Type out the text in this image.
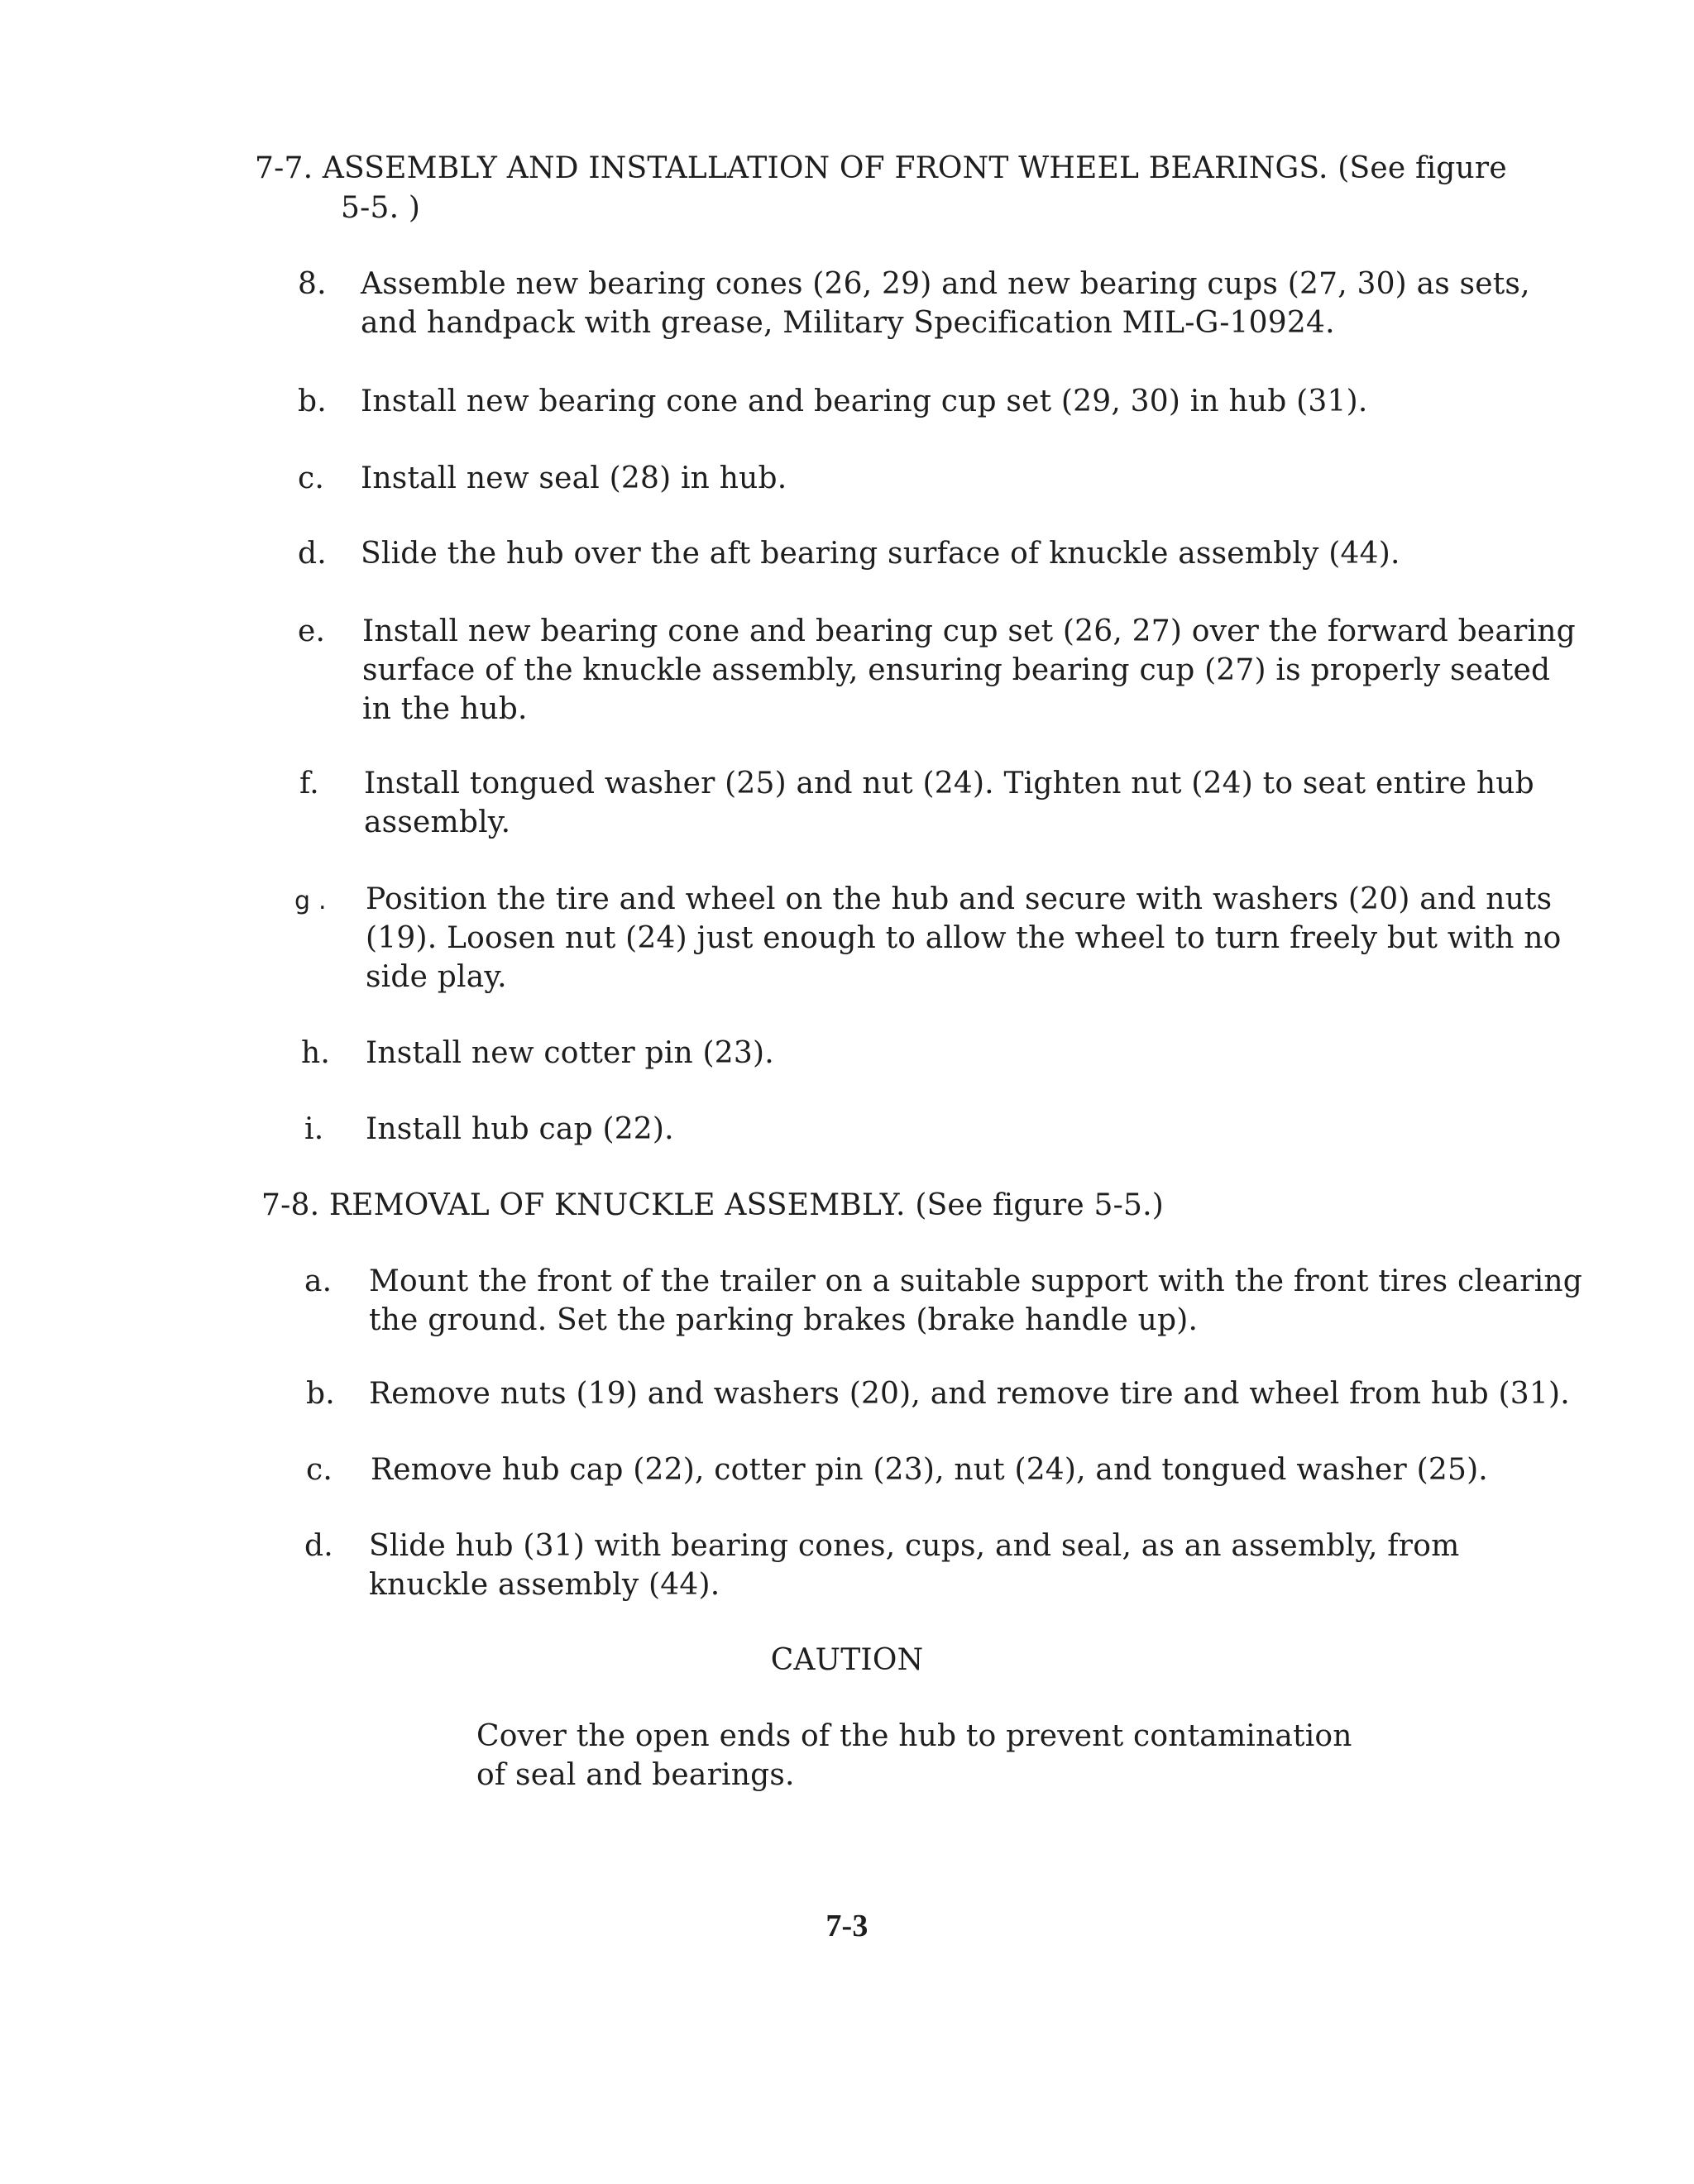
7-7. ASSEMBLY AND INSTALLATION OF FRONT WHEEL BEARINGS. (See figure
5-5. )
8. Assemble new bearing cones (26, 29) and new bearing cups (27, 30) as sets,
and handpack with grease, Military Specification MIL-G-10924.
b. Install new bearing cone and bearing cup set (29, 30) in hub (31).
c. Install new seal (28) in hub.
d. Slide the hub over the aft bearing surface of knuckle assembly (44).
e. Install new bearing cone and bearing cup set (26, 27) over the forward bearing
surface of the knuckle assembly, ensuring bearing cup (27) is properly seated
in the hub.
f. Install tongued washer (25) and nut (24). Tighten nut (24) to seat entire hub
assembly.
g . Position the tire and wheel on the hub and secure with washers (20) and nuts
(19). Loosen nut (24) just enough to allow the wheel to turn freely but with no
side play.
h. Install new cotter pin (23).
i. Install hub cap (22).
7-8. REMOVAL OF KNUCKLE ASSEMBLY. (See figure 5-5.)
a. Mount the front of the trailer on a suitable support with the front tires clearing
the ground. Set the parking brakes (brake handle up).
b. Remove nuts (19) and washers (20), and remove tire and wheel from hub (31).
c. Remove hub cap (22), cotter pin (23), nut (24), and tongued washer (25).
d. Slide hub (31) with bearing cones, cups, and seal, as an assembly, from
knuckle assembly (44).
CAUTION
Cover the open ends of the hub to prevent contamination
of seal and bearings.
7-3
